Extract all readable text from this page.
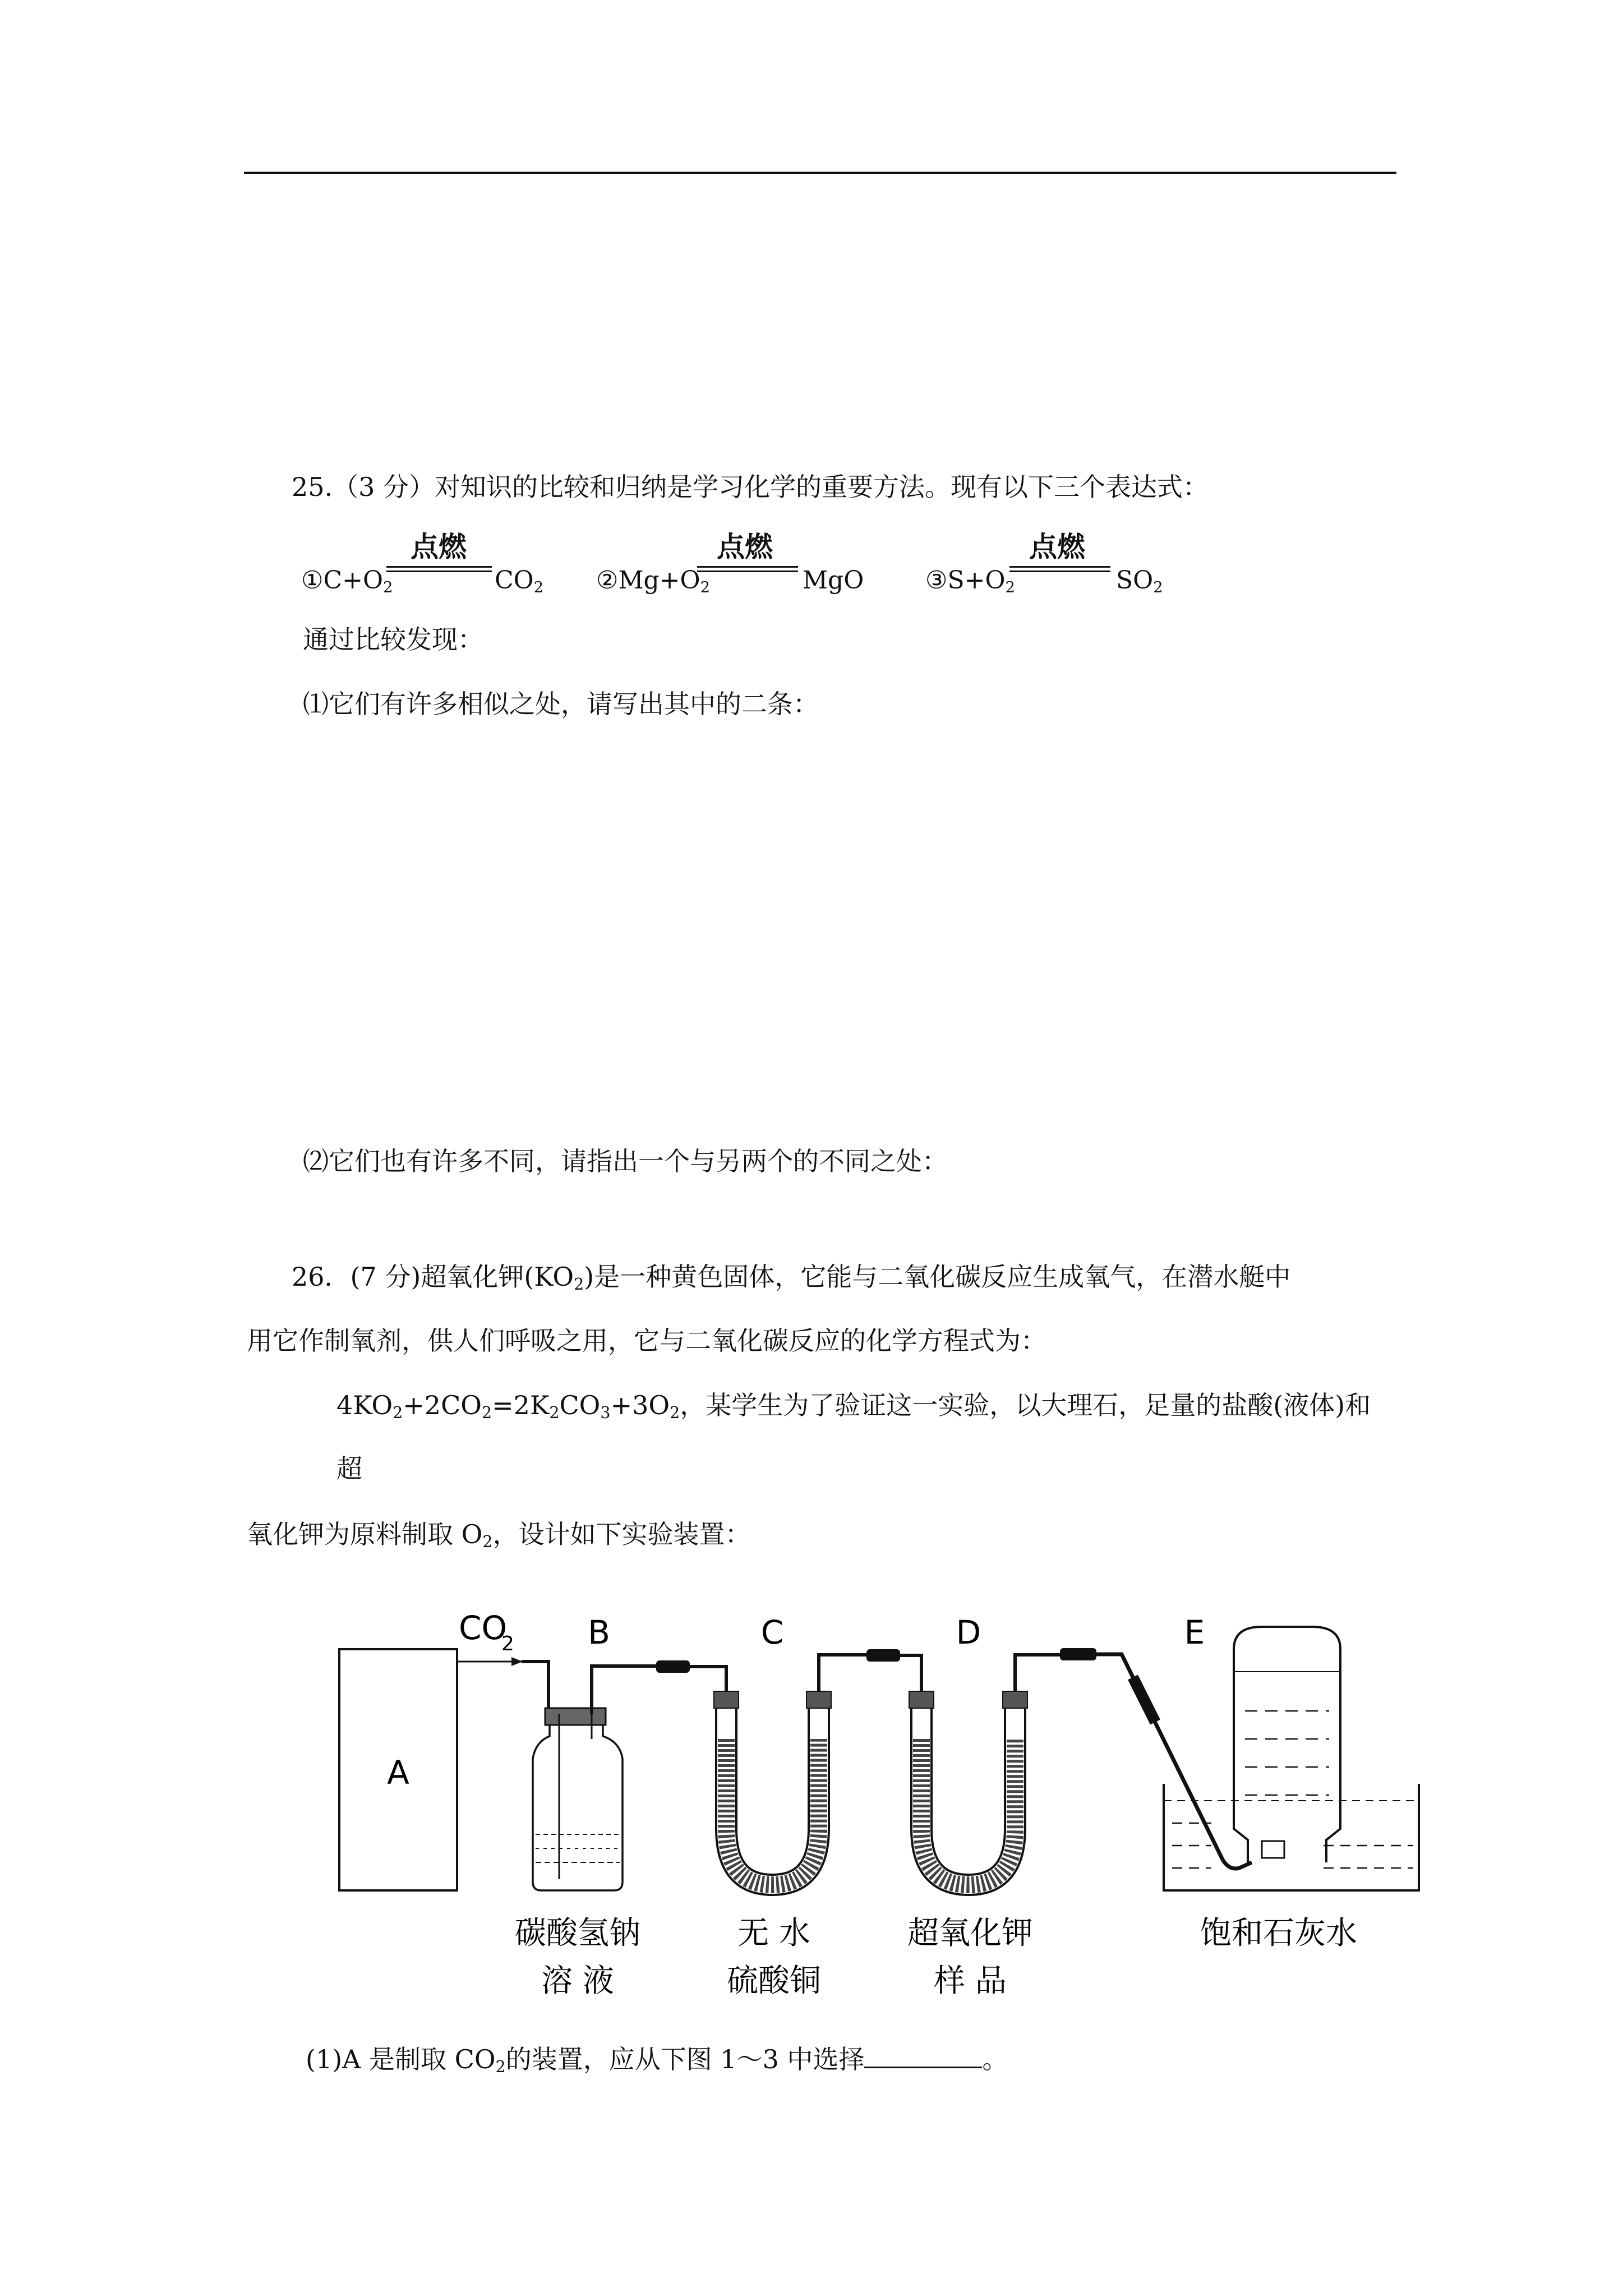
25.（3 分）对知识的比较和归纳是学习化学的重要方法。现有以下三个表达式：
点燃
$①C+O_2$	$CO_2$
点燃
$②Mg+O_2$	MgO
点燃
$③S+O_2$	$SO_2$
通过比较发现：
⑴它们有许多相似之处，请写出其中的二条：
⑵它们也有许多不同，请指出一个与另两个的不同之处：
26．(7 分)超氧化钾$(KO_2)$是一种黄色固体，它能与二氧化碳反应生成氧气，在潜水艇中
用它作制氧剂，供人们呼吸之用，它与二氧化碳反应的化学方程式为：
$4KO_2+2CO_2=2K_2CO_3+3O_2$，某学生为了验证这一实验，以大理石，足量的盐酸(液体)和
超
氧化钾为原料制取 $O_2$，设计如下实验装置：
A
CO
2 B	C	D	E
碳酸氢钠
溶 液
无 水
硫酸铜
超氧化钾
样 品
饱和石灰水
(1)A 是制取 $CO_2$的装置，应从下图 1～3 中选择	。
